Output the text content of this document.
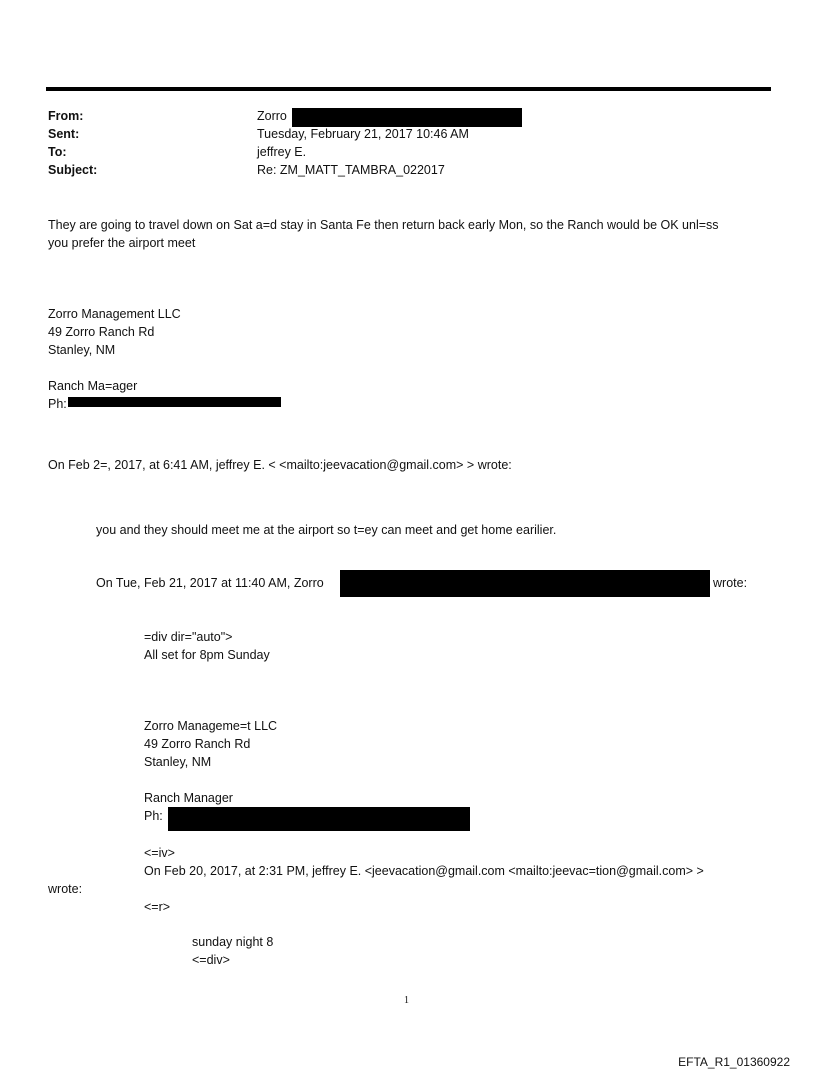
From:	Zorro
Sent:	Tuesday, February 21, 2017 10:46 AM
To:	jeffrey E.
Subject:	Re: ZM_MATT_TAMBRA_022017
They are going to travel down on Sat a=d stay in Santa Fe then return back early Mon, so the Ranch would be OK unl=ss
you prefer the airport meet
Zorro Management LLC
49 Zorro Ranch Rd
Stanley, NM
Ranch Ma=ager
Ph:
On Feb 2=, 2017, at 6:41 AM, jeffrey E. < <mailto:jeevacation@gmail.com> > wrote:
you and they should meet me at the airport so t=ey can meet and get home earilier.
On Tue, Feb 21, 2017 at 11:40 AM, Zorro	wrote:
=div dir="auto">
All set for 8pm Sunday
Zorro Manageme=t LLC
49 Zorro Ranch Rd
Stanley, NM
Ranch Manager
Ph:
<=iv>
On Feb 20, 2017, at 2:31 PM, jeffrey E. <jeevacation@gmail.com <mailto:jeevac=tion@gmail.com> >
wrote:
<=r>
sunday night 8
<=div>
1
EFTA_R1_01360922
